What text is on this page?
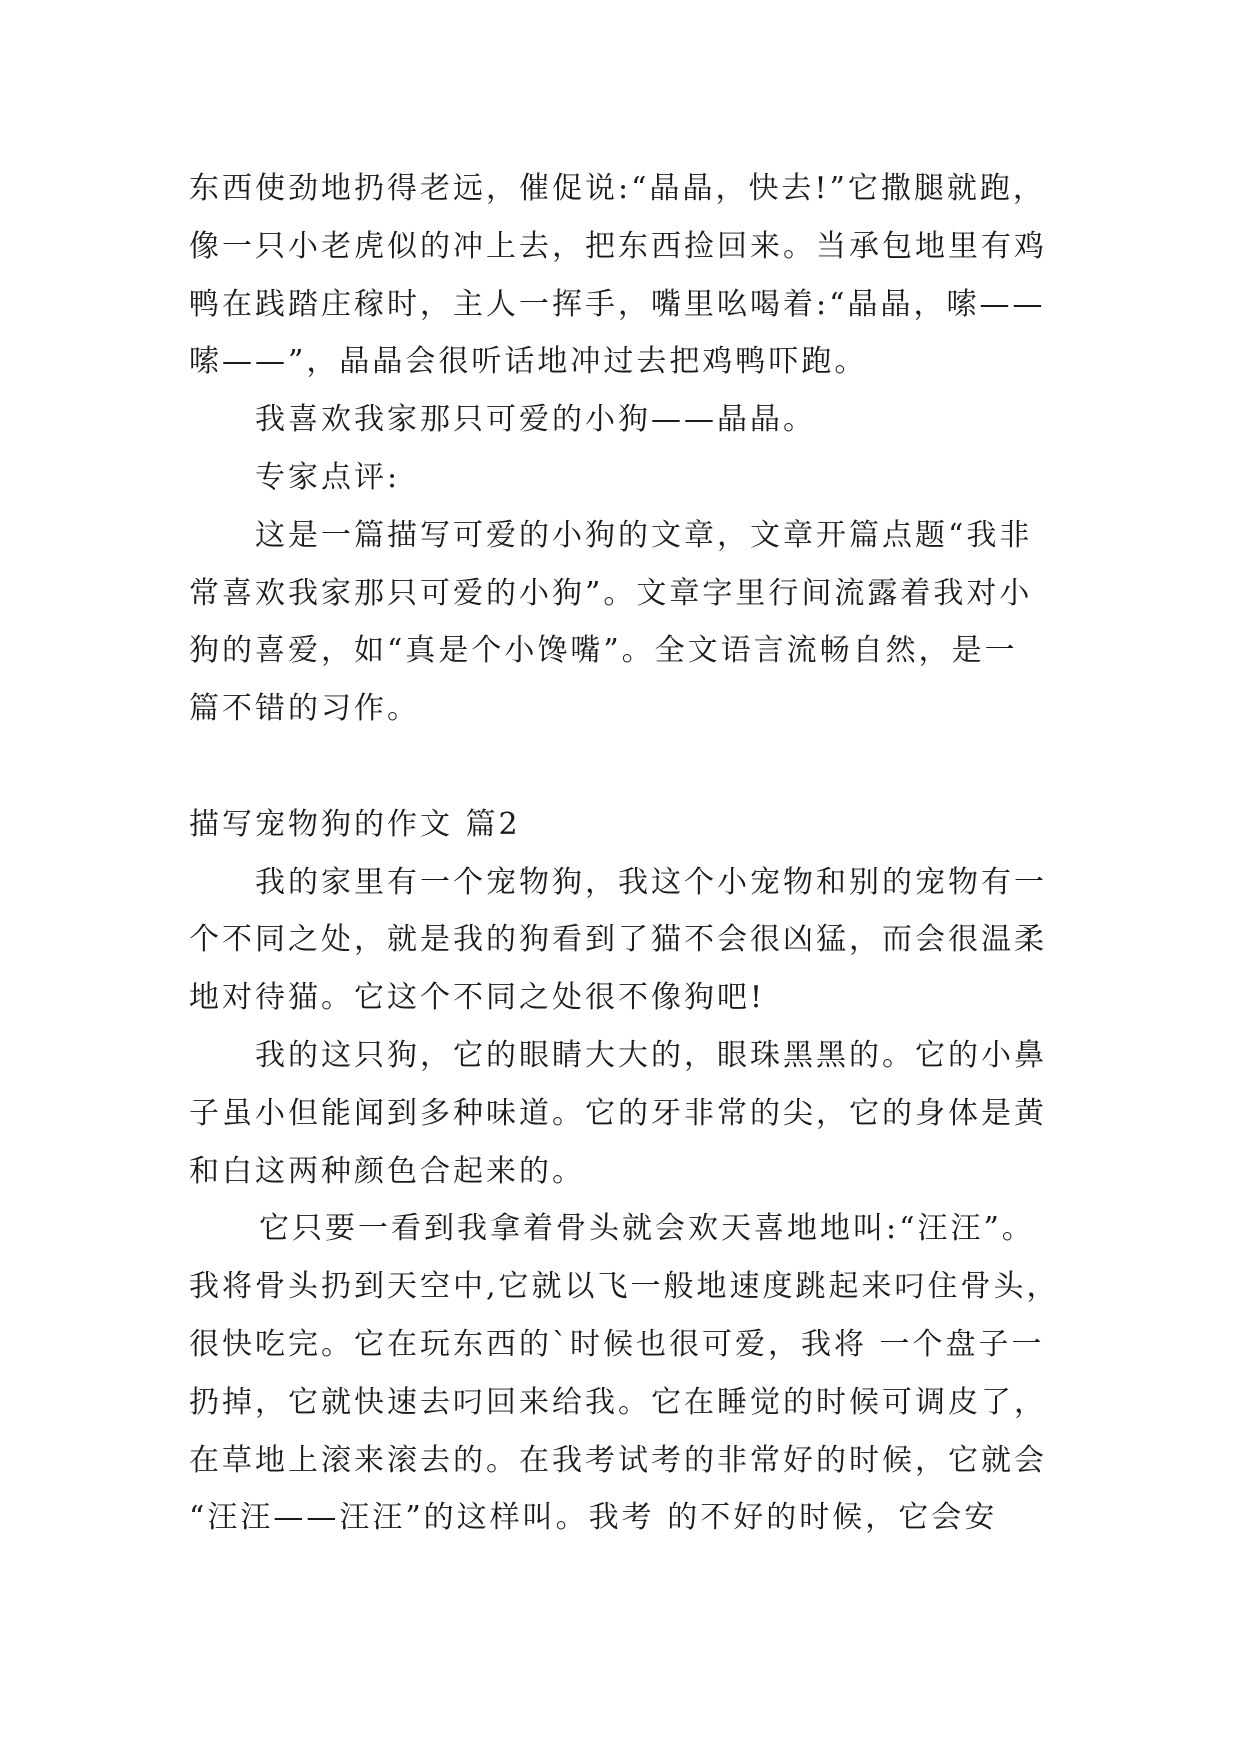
东西使劲地扔得老远，催促说:“晶晶，快去!”它撒腿就跑，
像一只小老虎似的冲上去，把东西捡回来。当承包地里有鸡
鸭在践踏庄稼时，主人一挥手，嘴里吆喝着:“晶晶，嗦——
嗦——”，晶晶会很听话地冲过去把鸡鸭吓跑。
我喜欢我家那只可爱的小狗——晶晶。
专家点评:
这是一篇描写可爱的小狗的文章，文章开篇点题“我非
常喜欢我家那只可爱的小狗”。文章字里行间流露着我对小
狗的喜爱，如“真是个小馋嘴”。全文语言流畅自然，是一
篇不错的习作。
描写宠物狗的作文 篇2
我的家里有一个宠物狗，我这个小宠物和别的宠物有一
个不同之处，就是我的狗看到了猫不会很凶猛，而会很温柔
地对待猫。它这个不同之处很不像狗吧!
我的这只狗，它的眼睛大大的，眼珠黑黑的。它的小鼻
子虽小但能闻到多种味道。它的牙非常的尖，它的身体是黄
和白这两种颜色合起来的。
它只要一看到我拿着骨头就会欢天喜地地叫:“汪汪”。
我将骨头扔到天空中,它就以飞一般地速度跳起来叼住骨头，
很快吃完。它在玩东西的`时候也很可爱，我将 一个盘子一
扔掉，它就快速去叼回来给我。它在睡觉的时候可调皮了，
在草地上滚来滚去的。在我考试考的非常好的时候，它就会
“汪汪——汪汪”的这样叫。我考 的不好的时候，它会安
